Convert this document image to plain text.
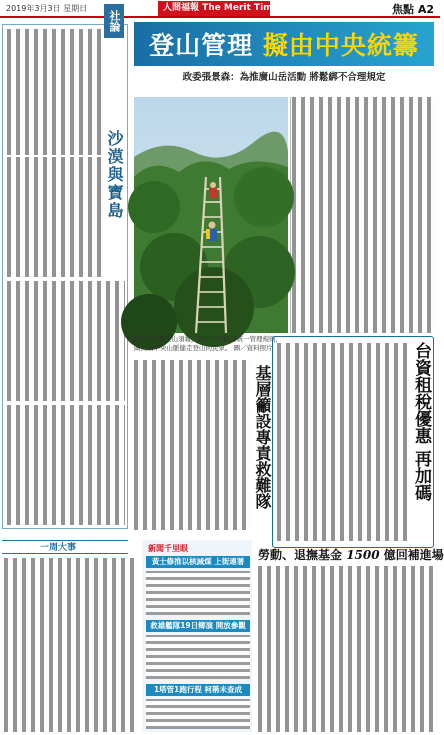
2019年3月3日 星期日	人間福報 The Merit Times	焦點 A2
社論
沙漠與寶島
登山管理 擬由中央統籌
政委張景森：為推廣山岳活動 將鬆綁不合理規定
▌未來民眾登山須報，將由中央統籌統一管理規則，圖為由中央山脈健走登山的民眾。 圖／資料照片
基層籲設專責救難隊	台資租稅優惠 再加碼
一周大事	新聞千里眼
黃士修推以核減煤 上街連署
救雄艦隊19日鄉演 開放參觀
1塔管1跑行程 柯稱未查成
勞動、退撫基金 1500 億回補進場
